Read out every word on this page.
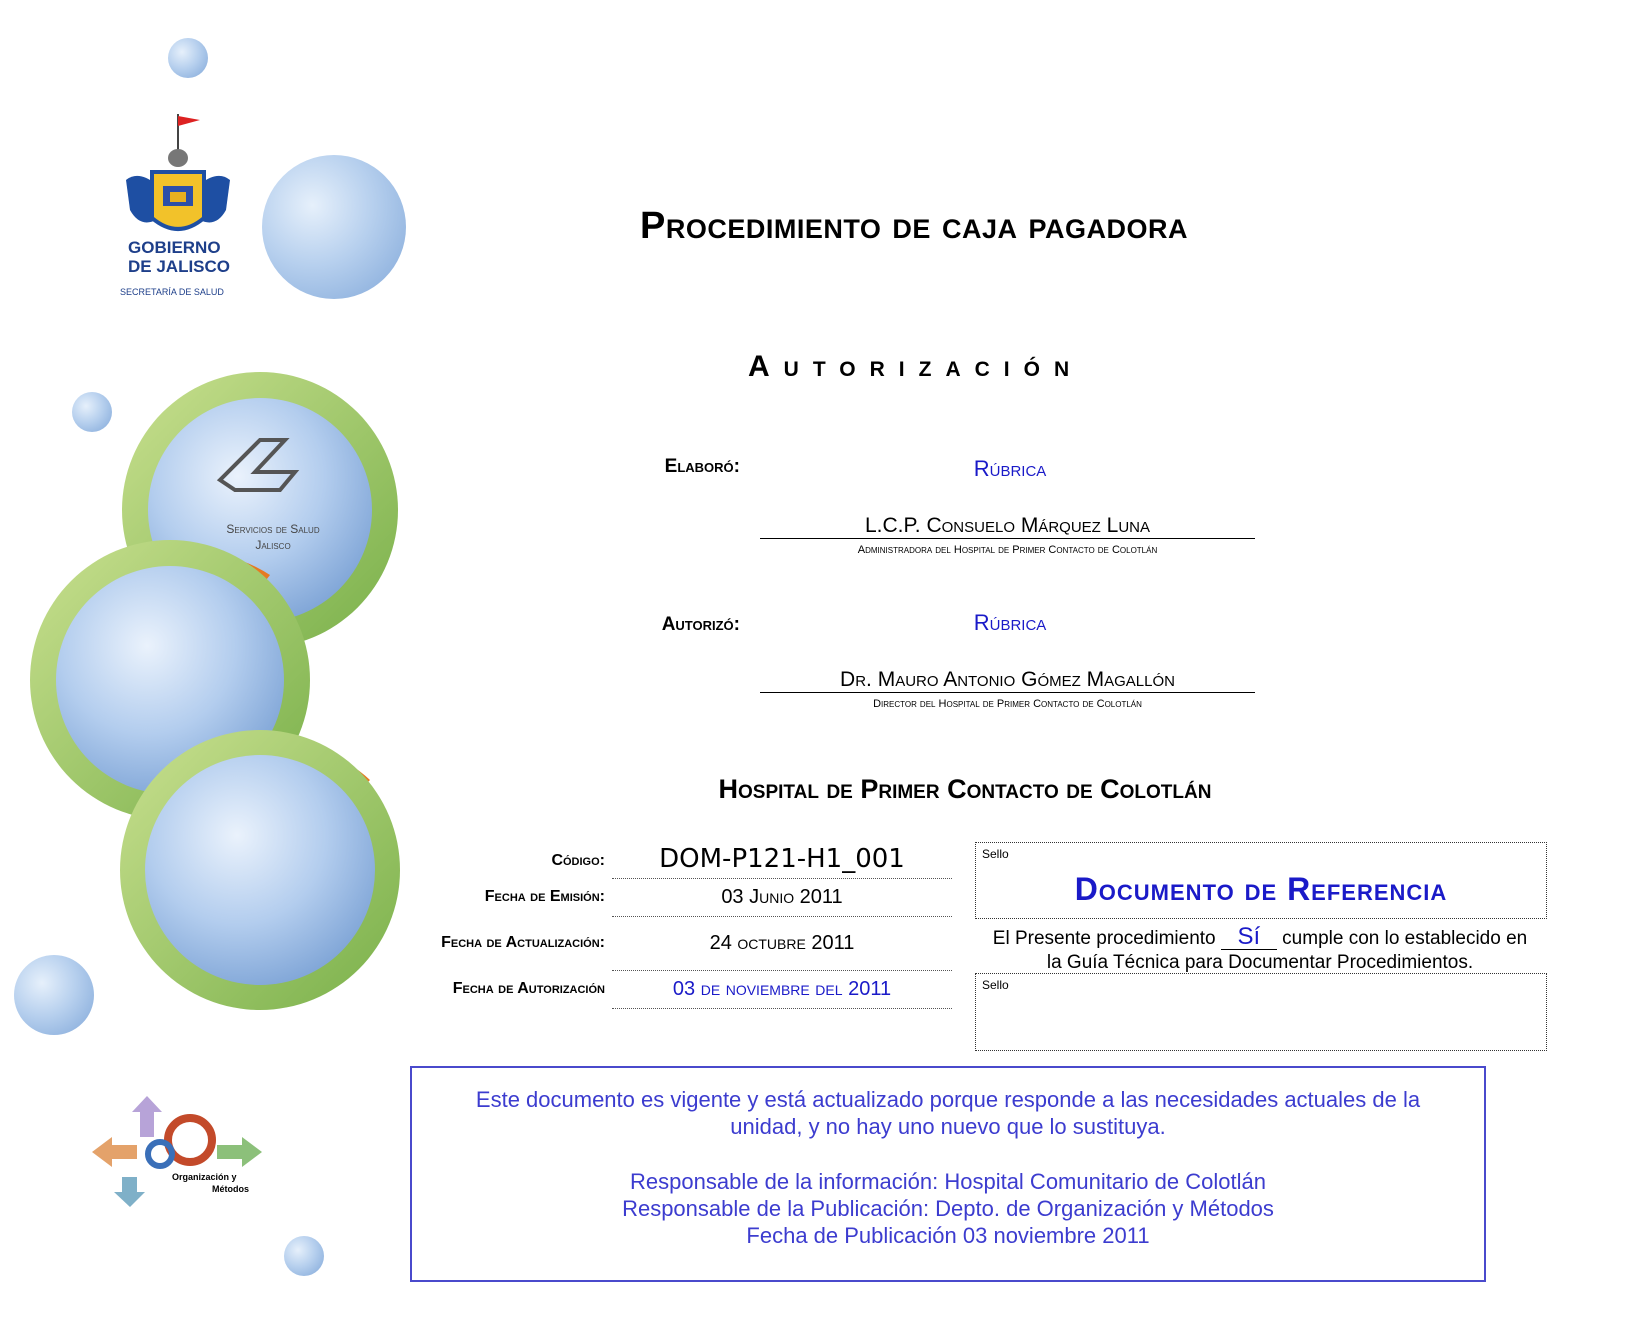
GOBIERNO
DE JALISCO
SECRETARÍA DE SALUD
Servicios de Salud
Jalisco
Organización y
Métodos
Procedimiento de caja pagadora
Autorización
Elaboró:	Rúbrica
L.C.P. Consuelo Márquez Luna
Administradora del Hospital de Primer Contacto de Colotlán
Autorizó:	Rúbrica
Dr. Mauro Antonio Gómez Magallón
Director del Hospital de Primer Contacto de Colotlán
Hospital de Primer Contacto de Colotlán
Código:	DOM-P121-H1_001
Fecha de Emisión:	03 Junio 2011
Fecha de Actualización:	24 octubre 2011
Fecha de Autorización	03 de noviembre del 2011
Sello
Documento de Referencia
El Presente procedimiento Sí cumple con lo establecido en
la Guía Técnica para Documentar Procedimientos.
Sello

Este documento es vigente y está actualizado porque responde a las necesidades actuales de la

unidad, y no hay uno nuevo que lo sustituya.

Responsable de la información: Hospital Comunitario de Colotlán

Responsable de la Publicación: Depto. de Organización y Métodos

Fecha de Publicación 03 noviembre 2011
